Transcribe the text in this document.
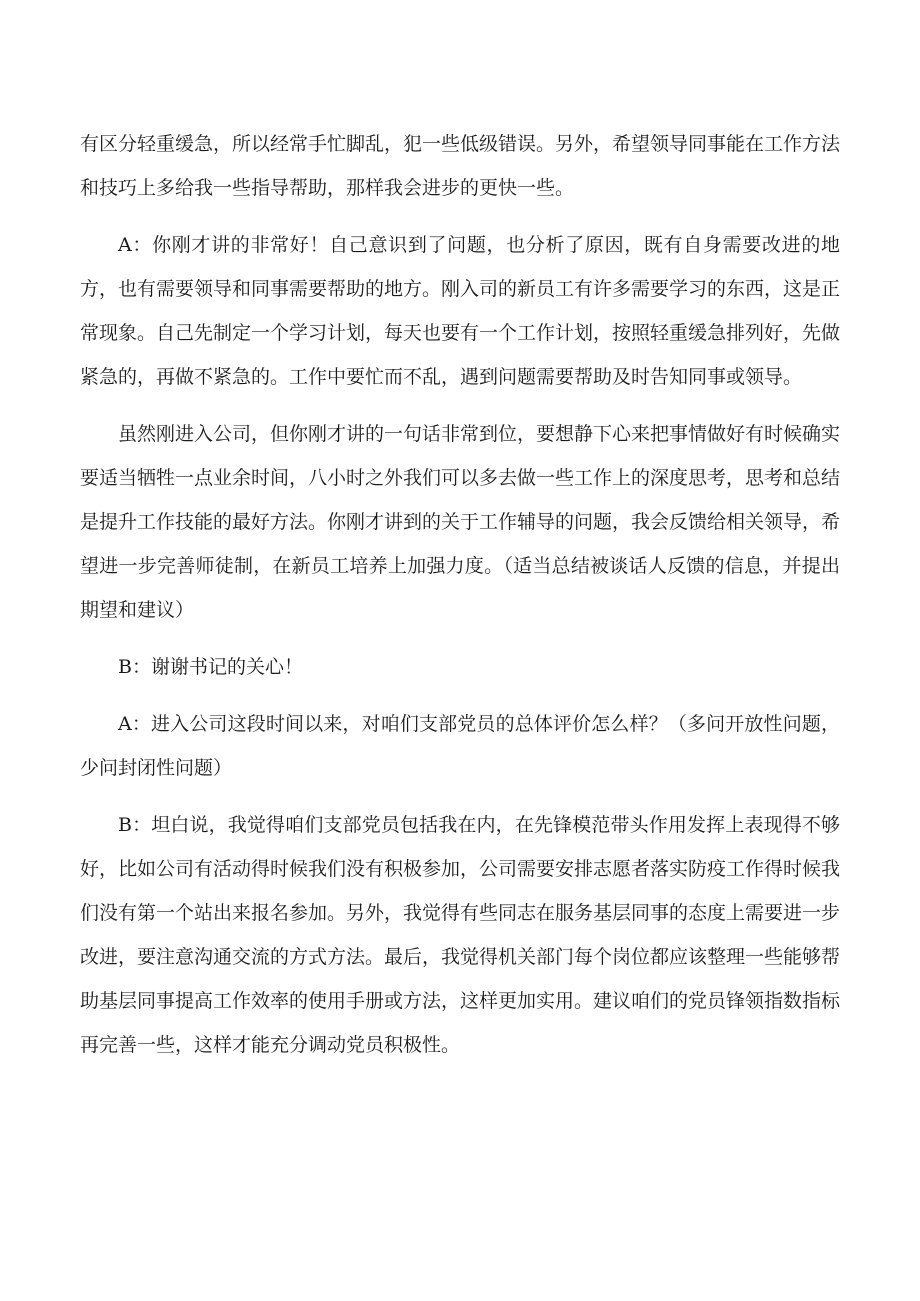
有区分轻重缓急，所以经常手忙脚乱，犯一些低级错误。另外，希望领导同事能在工作方法和技巧上多给我一些指导帮助，那样我会进步的更快一些。

A：你刚才讲的非常好！自己意识到了问题，也分析了原因，既有自身需要改进的地方，也有需要领导和同事需要帮助的地方。刚入司的新员工有许多需要学习的东西，这是正常现象。自己先制定一个学习计划，每天也要有一个工作计划，按照轻重缓急排列好，先做紧急的，再做不紧急的。工作中要忙而不乱，遇到问题需要帮助及时告知同事或领导。

虽然刚进入公司，但你刚才讲的一句话非常到位，要想静下心来把事情做好有时候确实要适当牺牲一点业余时间，八小时之外我们可以多去做一些工作上的深度思考，思考和总结是提升工作技能的最好方法。你刚才讲到的关于工作辅导的问题，我会反馈给相关领导，希望进一步完善师徒制，在新员工培养上加强力度。（适当总结被谈话人反馈的信息，并提出期望和建议）

B：谢谢书记的关心！

A：进入公司这段时间以来，对咱们支部党员的总体评价怎么样？（多问开放性问题，少问封闭性问题）

B：坦白说，我觉得咱们支部党员包括我在内，在先锋模范带头作用发挥上表现得不够好，比如公司有活动得时候我们没有积极参加，公司需要安排志愿者落实防疫工作得时候我们没有第一个站出来报名参加。另外，我觉得有些同志在服务基层同事的态度上需要进一步改进，要注意沟通交流的方式方法。最后，我觉得机关部门每个岗位都应该整理一些能够帮助基层同事提高工作效率的使用手册或方法，这样更加实用。建议咱们的党员锋领指数指标再完善一些，这样才能充分调动党员积极性。
